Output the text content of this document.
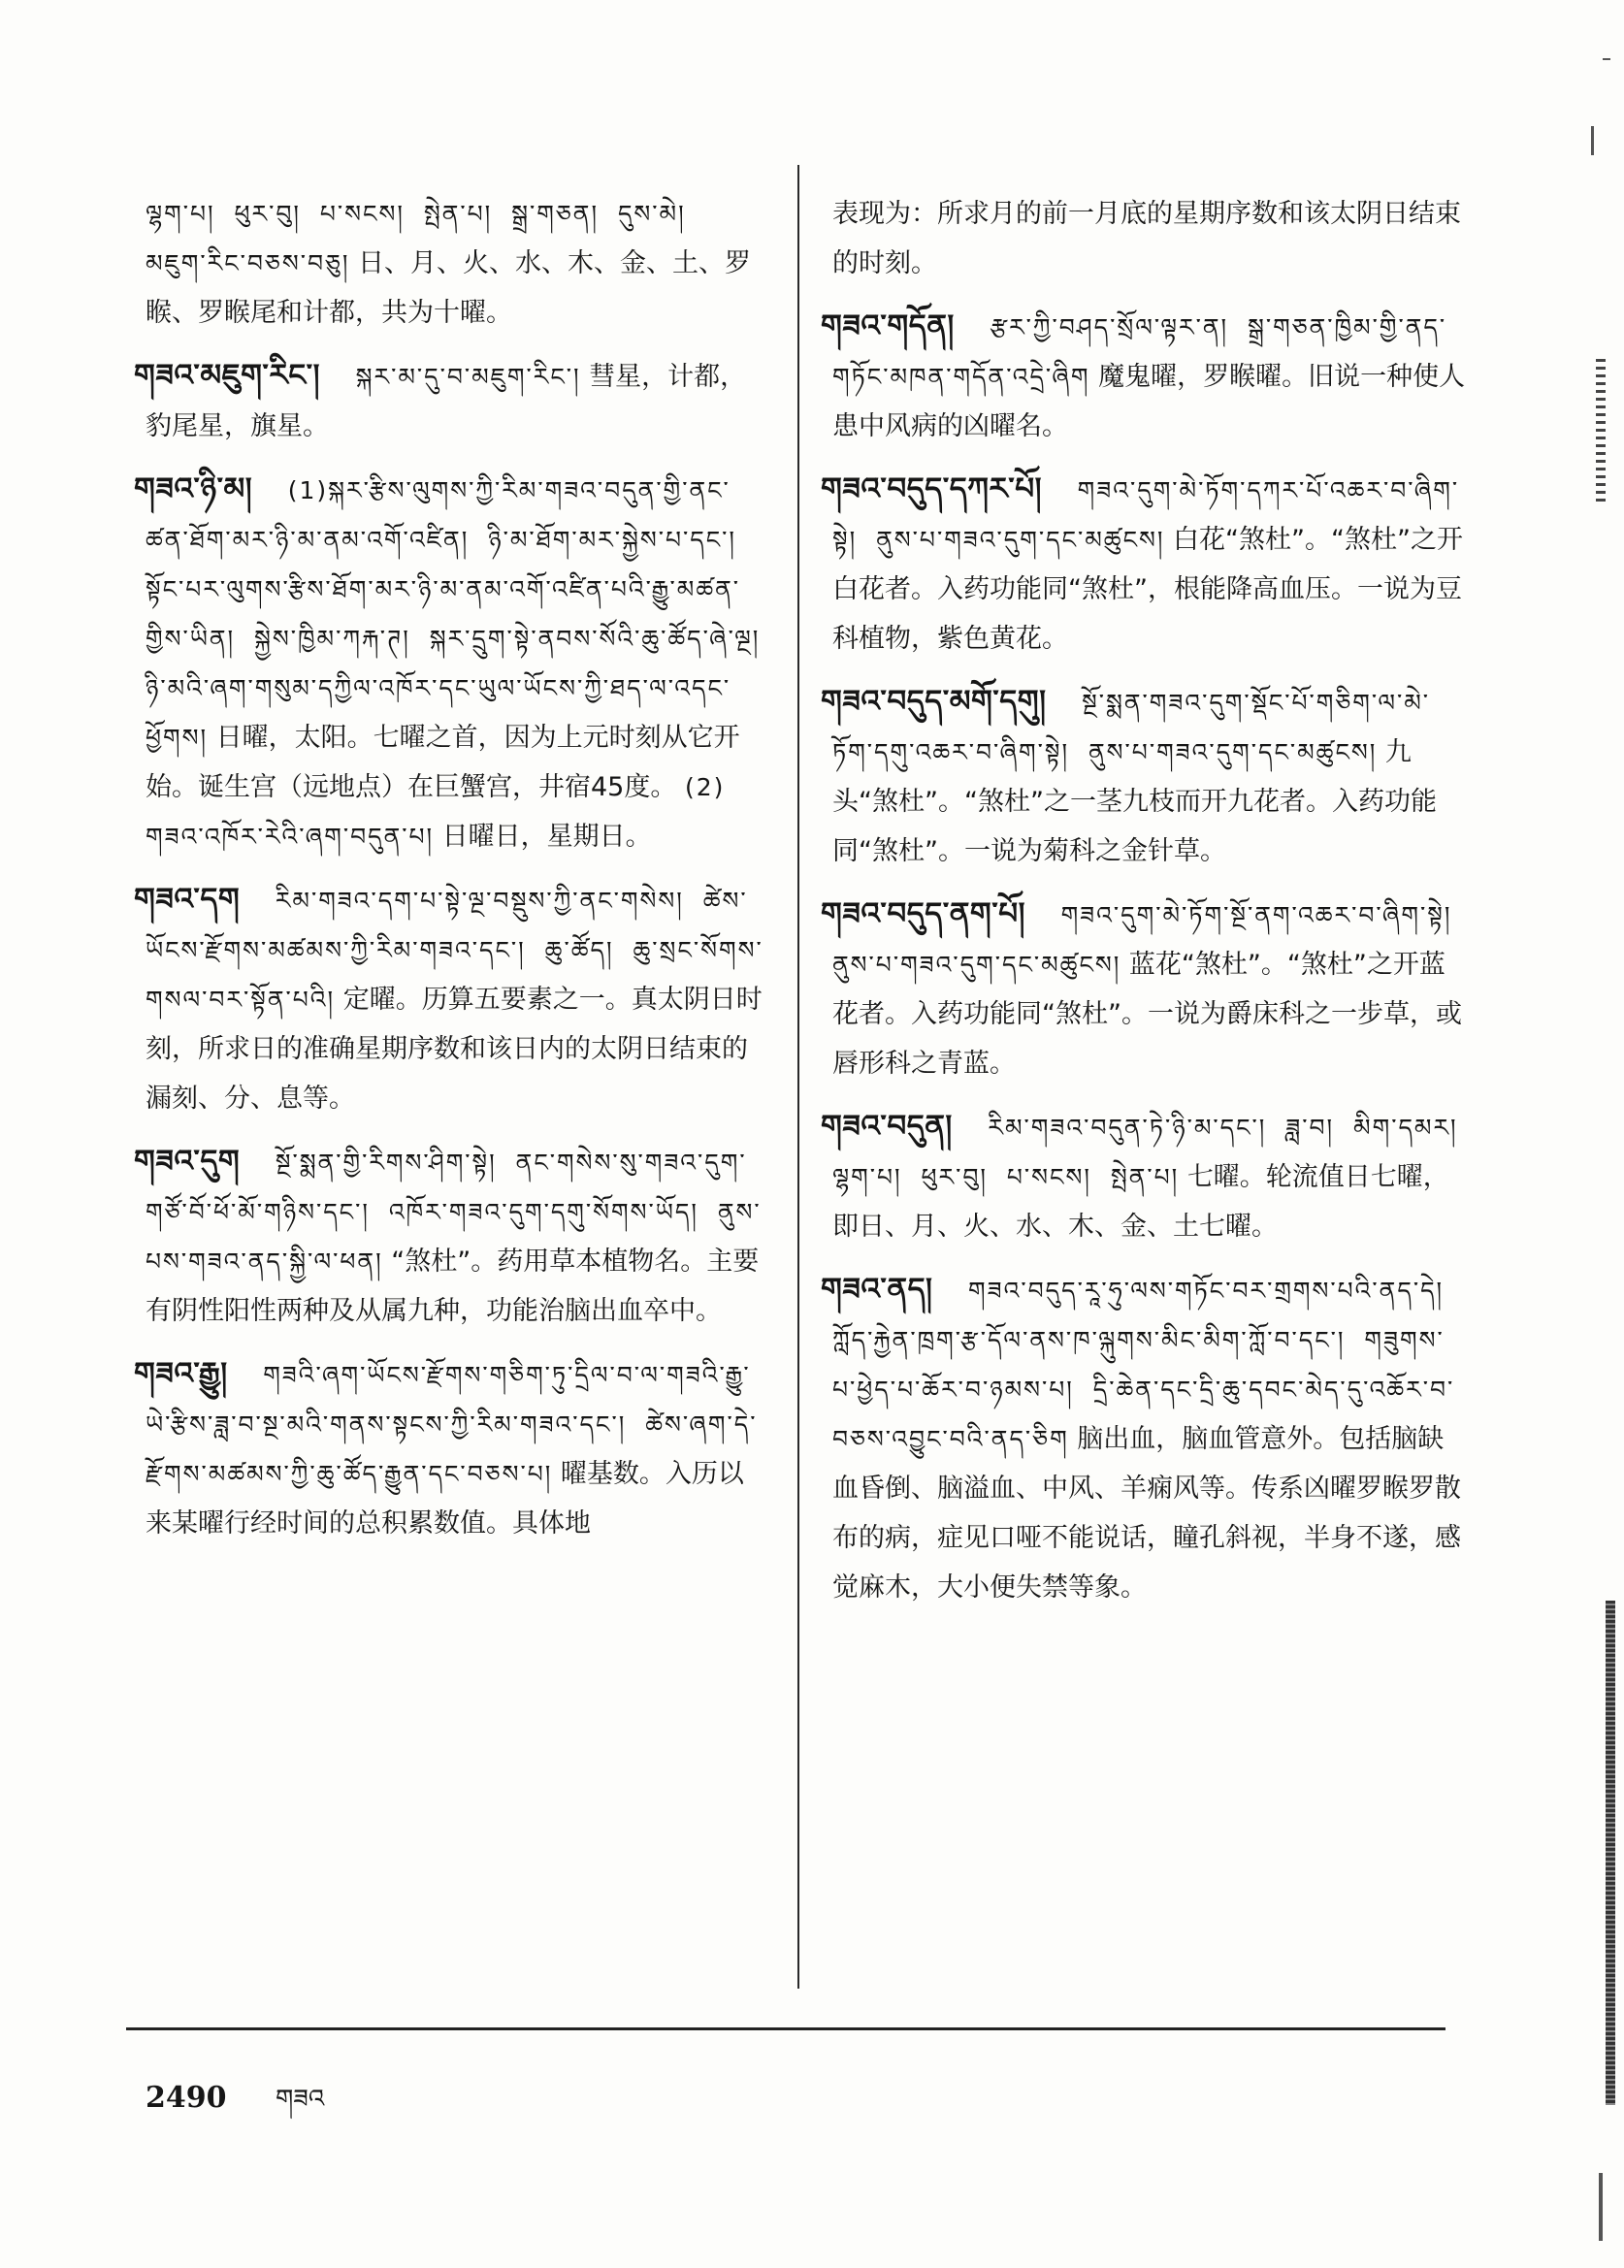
ལྷག་པ། ཕུར་བུ། པ་སངས། སྤེན་པ། སྒྲ་གཅན། དུས་མེ། མཇུག་རིང་བཅས་བཅུ། 日、月、火、水、木、金、土、罗睺、罗睺尾和计都，共为十曜。

གཟའ་མཇུག་རིང་། སྐར་མ་དུ་བ་མཇུག་རིང་། 彗星，计都，豹尾星，旗星。

གཟའ་ཉི་མ། (1)སྐར་རྩིས་ལུགས་ཀྱི་རིམ་གཟའ་བདུན་གྱི་ནང་ཚན་ཐོག་མར་ཉི་མ་ནམ་འགོ་འཛིན། ཉི་མ་ཐོག་མར་སྐྱེས་པ་དང་། སྟོང་པར་ལུགས་རྩིས་ཐོག་མར་ཉི་མ་ནམ་འགོ་འཛིན་པའི་རྒྱུ་མཚན་གྱིས་ཡིན། སྐྱེས་ཁྱིམ་ཀརྐ་ཊ། སྐར་དྲུག་སྟེ་ནབས་སོའི་ཆུ་ཚོད་ཞེ་ལྔ། ཉི་མའི་ཞག་གསུམ་དཀྱིལ་འཁོར་དང་ཡུལ་ཡོངས་ཀྱི་ཐད་ལ་འདང་ཕྱོགས། 日曜，太阳。七曜之首，因为上元时刻从它开始。诞生宫（远地点）在巨蟹宫，井宿45度。 (2) གཟའ་འཁོར་རེའི་ཞག་བདུན་པ། 日曜日，星期日。

གཟའ་དག རིམ་གཟའ་དག་པ་སྟེ་ལྔ་བསྡུས་ཀྱི་ནང་གསེས། ཚེས་ཡོངས་རྫོགས་མཚམས་ཀྱི་རིམ་གཟའ་དང་། ཆུ་ཚོད། ཆུ་སྲང་སོགས་གསལ་བར་སྟོན་པའི། 定曜。历算五要素之一。真太阴日时刻，所求日的准确星期序数和该日内的太阴日结束的漏刻、分、息等。

གཟའ་དུག སྔོ་སྨན་གྱི་རིགས་ཤིག་སྟེ། ནང་གསེས་སུ་གཟའ་དུག་གཙོ་བོ་ཕོ་མོ་གཉིས་དང་། འཁོར་གཟའ་དུག་དགུ་སོགས་ཡོད། ནུས་པས་གཟའ་ནད་སྐྱི་ལ་ཕན། “煞杜”。药用草本植物名。主要有阴性阳性两种及从属九种，功能治脑出血卒中。

གཟའ་རྒྱུ། གཟའི་ཞག་ཡོངས་རྫོགས་གཅིག་ཏུ་དྲིལ་བ་ལ་གཟའི་རྒྱུ་ཡེ་རྩིས་ཟླ་བ་སྔ་མའི་གནས་སྟངས་ཀྱི་རིམ་གཟའ་དང་། ཚེས་ཞག་དེ་རྫོགས་མཚམས་ཀྱི་ཆུ་ཚོད་རྒྱུན་དང་བཅས་པ། 曜基数。入历以来某曜行经时间的总积累数值。具体地

表现为：所求月的前一月底的星期序数和该太阴日结束的时刻。

གཟའ་གདོན། རྩར་ཀྱི་བཤད་སྲོལ་ལྟར་ན། སྒྲ་གཅན་ཁྱིམ་གྱི་ནད་གཏོང་མཁན་གདོན་འདྲེ་ཞིག 魔鬼曜，罗睺曜。旧说一种使人患中风病的凶曜名。

གཟའ་བདུད་དཀར་པོ། གཟའ་དུག་མེ་ཏོག་དཀར་པོ་འཆར་བ་ཞིག་སྟེ། ནུས་པ་གཟའ་དུག་དང་མཚུངས། 白花“煞杜”。“煞杜”之开白花者。入药功能同“煞杜”，根能降高血压。一说为豆科植物，紫色黄花。

གཟའ་བདུད་མགོ་དགུ། སྔོ་སྨན་གཟའ་དུག་སྡོང་པོ་གཅིག་ལ་མེ་ཏོག་དགུ་འཆར་བ་ཞིག་སྟེ། ནུས་པ་གཟའ་དུག་དང་མཚུངས། 九头“煞杜”。“煞杜”之一茎九枝而开九花者。入药功能同“煞杜”。一说为菊科之金针草。

གཟའ་བདུད་ནག་པོ། གཟའ་དུག་མེ་ཏོག་སྔོ་ནག་འཆར་བ་ཞིག་སྟེ། ནུས་པ་གཟའ་དུག་དང་མཚུངས། 蓝花“煞杜”。“煞杜”之开蓝花者。入药功能同“煞杜”。一说为爵床科之一步草，或唇形科之青蓝。

གཟའ་བདུན། རིམ་གཟའ་བདུན་ཏེ་ཉི་མ་དང་། ཟླ་བ། མིག་དམར། ལྷག་པ། ཕུར་བུ། པ་སངས། སྤེན་པ། 七曜。轮流值日七曜，即日、月、火、水、木、金、土七曜。

གཟའ་ནད། གཟའ་བདུད་རཱ་ཧུ་ལས་གཏོང་བར་གྲགས་པའི་ནད་དེ། ཀློད་རྐྱེན་ཁྲག་རྩ་དོལ་ནས་ཁ་ལྐུགས་མིང་མིག་ཀློ་བ་དང་། གཟུགས་པ་ཕྱེད་པ་ཆོར་བ་ཉམས་པ། དྲི་ཆེན་དང་དྲི་ཆུ་དབང་མེད་དུ་འཆོར་བ་བཅས་འབྱུང་བའི་ནད་ཅིག 脑出血，脑血管意外。包括脑缺血昏倒、脑溢血、中风、羊痫风等。传系凶曜罗睺罗散布的病，症见口哑不能说话，瞳孔斜视，半身不遂，感觉麻木，大小便失禁等象。

2490 གཟའ
